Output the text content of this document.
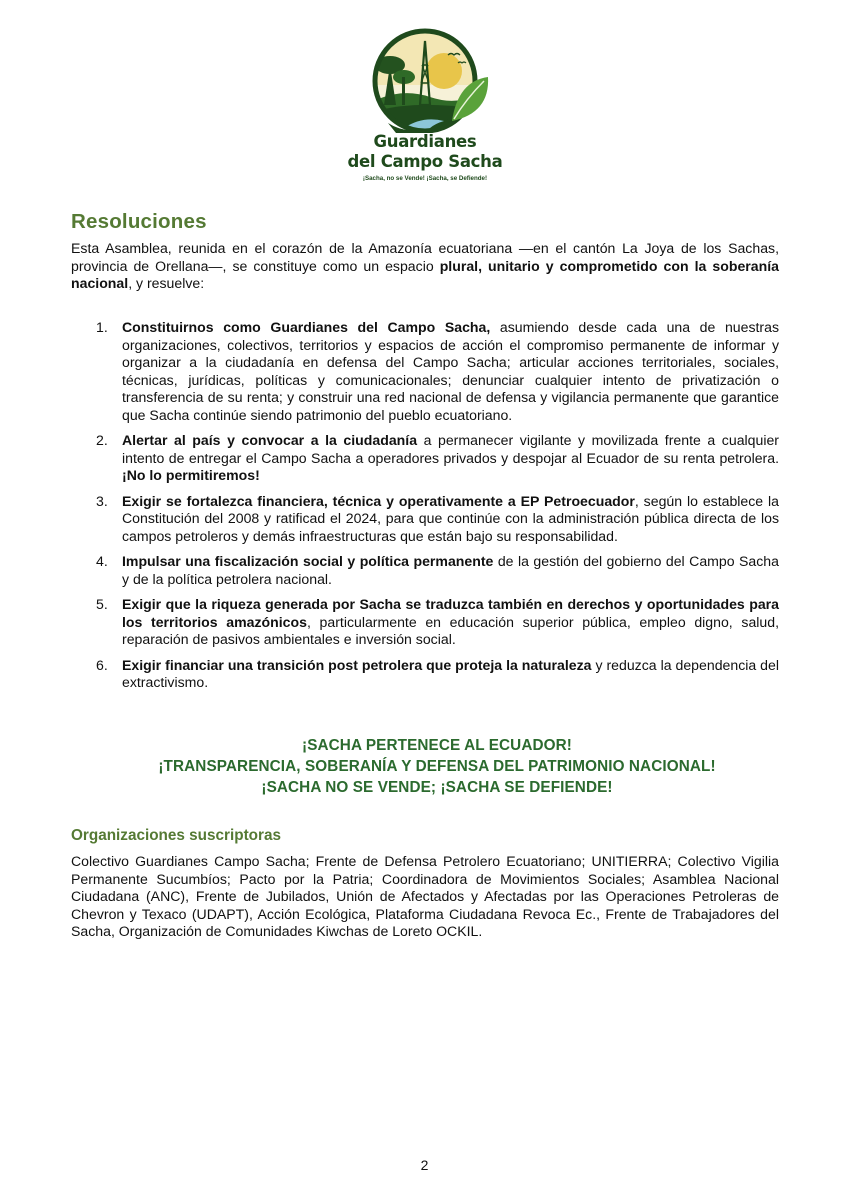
Guardianes
del Campo Sacha
¡Sacha, no se Vende! ¡Sacha, se Defiende!
Resoluciones
Esta Asamblea, reunida en el corazón de la Amazonía ecuatoriana —en el cantón La Joya de los Sachas, provincia de Orellana—, se constituye como un espacio plural, unitario y comprometido con la soberanía nacional, y resuelve:
1. Constituirnos como Guardianes del Campo Sacha, asumiendo desde cada una de nuestras organizaciones, colectivos, territorios y espacios de acción el compromiso permanente de informar y organizar a la ciudadanía en defensa del Campo Sacha; articular acciones territoriales, sociales, técnicas, jurídicas, políticas y comunicacionales; denunciar cualquier intento de privatización o transferencia de su renta; y construir una red nacional de defensa y vigilancia permanente que garantice que Sacha continúe siendo patrimonio del pueblo ecuatoriano.
2. Alertar al país y convocar a la ciudadanía a permanecer vigilante y movilizada frente a cualquier intento de entregar el Campo Sacha a operadores privados y despojar al Ecuador de su renta petrolera. ¡No lo permitiremos!
3. Exigir se fortalezca financiera, técnica y operativamente a EP Petroecuador, según lo establece la Constitución del 2008 y ratificad el 2024, para que continúe con la administración pública directa de los campos petroleros y demás infraestructuras que están bajo su responsabilidad.
4. Impulsar una fiscalización social y política permanente de la gestión del gobierno del Campo Sacha y de la política petrolera nacional.
5. Exigir que la riqueza generada por Sacha se traduzca también en derechos y oportunidades para los territorios amazónicos, particularmente en educación superior pública, empleo digno, salud, reparación de pasivos ambientales e inversión social.
6. Exigir financiar una transición post petrolera que proteja la naturaleza y reduzca la dependencia del extractivismo.
¡SACHA PERTENECE AL ECUADOR!
¡TRANSPARENCIA, SOBERANÍA Y DEFENSA DEL PATRIMONIO NACIONAL!
¡SACHA NO SE VENDE; ¡SACHA SE DEFIENDE!
Organizaciones suscriptoras
Colectivo Guardianes Campo Sacha; Frente de Defensa Petrolero Ecuatoriano; UNITIERRA; Colectivo Vigilia Permanente Sucumbíos; Pacto por la Patria; Coordinadora de Movimientos Sociales; Asamblea Nacional Ciudadana (ANC), Frente de Jubilados, Unión de Afectados y Afectadas por las Operaciones Petroleras de Chevron y Texaco (UDAPT), Acción Ecológica, Plataforma Ciudadana Revoca Ec., Frente de Trabajadores del Sacha, Organización de Comunidades Kiwchas de Loreto OCKIL.
2
